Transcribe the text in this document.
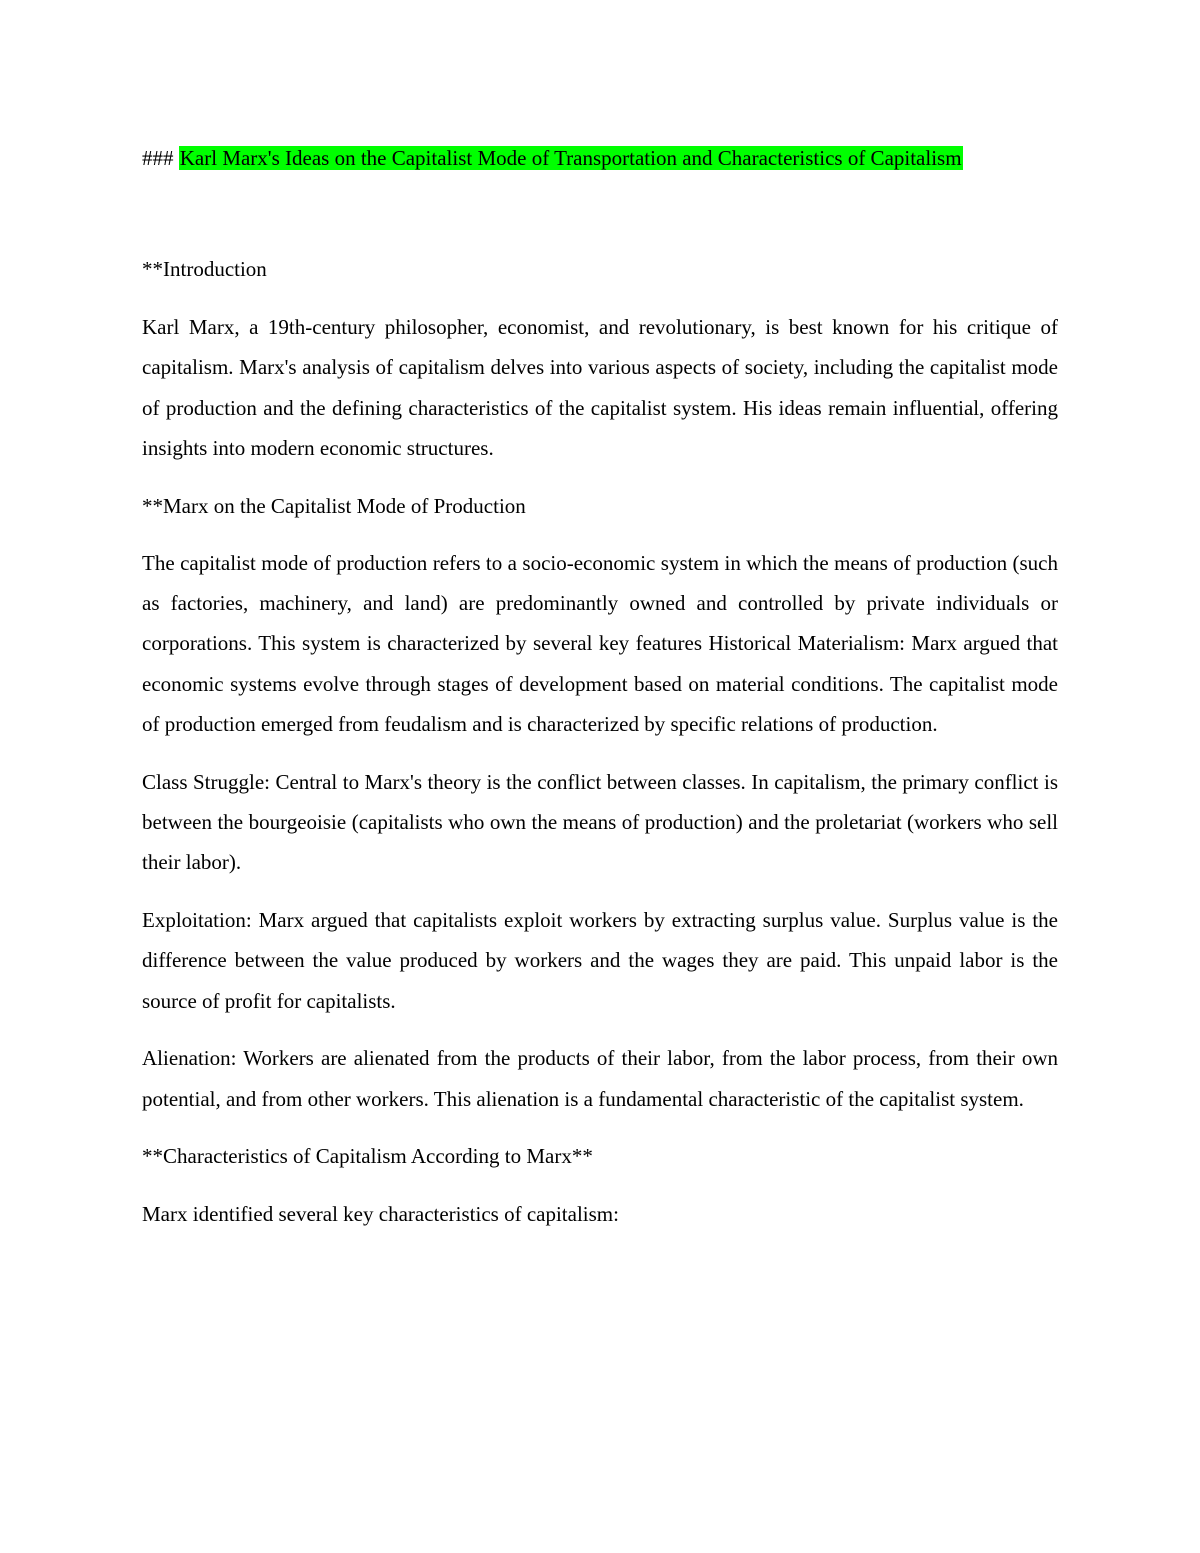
### Karl Marx's Ideas on the Capitalist Mode of Transportation and Characteristics of Capitalism

**Introduction

Karl Marx, a 19th-century philosopher, economist, and revolutionary, is best known for his critique of capitalism. Marx's analysis of capitalism delves into various aspects of society, including the capitalist mode of production and the defining characteristics of the capitalist system. His ideas remain influential, offering insights into modern economic structures.

**Marx on the Capitalist Mode of Production

The capitalist mode of production refers to a socio-economic system in which the means of production (such as factories, machinery, and land) are predominantly owned and controlled by private individuals or corporations. This system is characterized by several key features Historical Materialism: Marx argued that economic systems evolve through stages of development based on material conditions. The capitalist mode of production emerged from feudalism and is characterized by specific relations of production.

Class Struggle: Central to Marx's theory is the conflict between classes. In capitalism, the primary conflict is between the bourgeoisie (capitalists who own the means of production) and the proletariat (workers who sell their labor).

Exploitation: Marx argued that capitalists exploit workers by extracting surplus value. Surplus value is the difference between the value produced by workers and the wages they are paid. This unpaid labor is the source of profit for capitalists.

Alienation: Workers are alienated from the products of their labor, from the labor process, from their own potential, and from other workers. This alienation is a fundamental characteristic of the capitalist system.

**Characteristics of Capitalism According to Marx**

Marx identified several key characteristics of capitalism:
